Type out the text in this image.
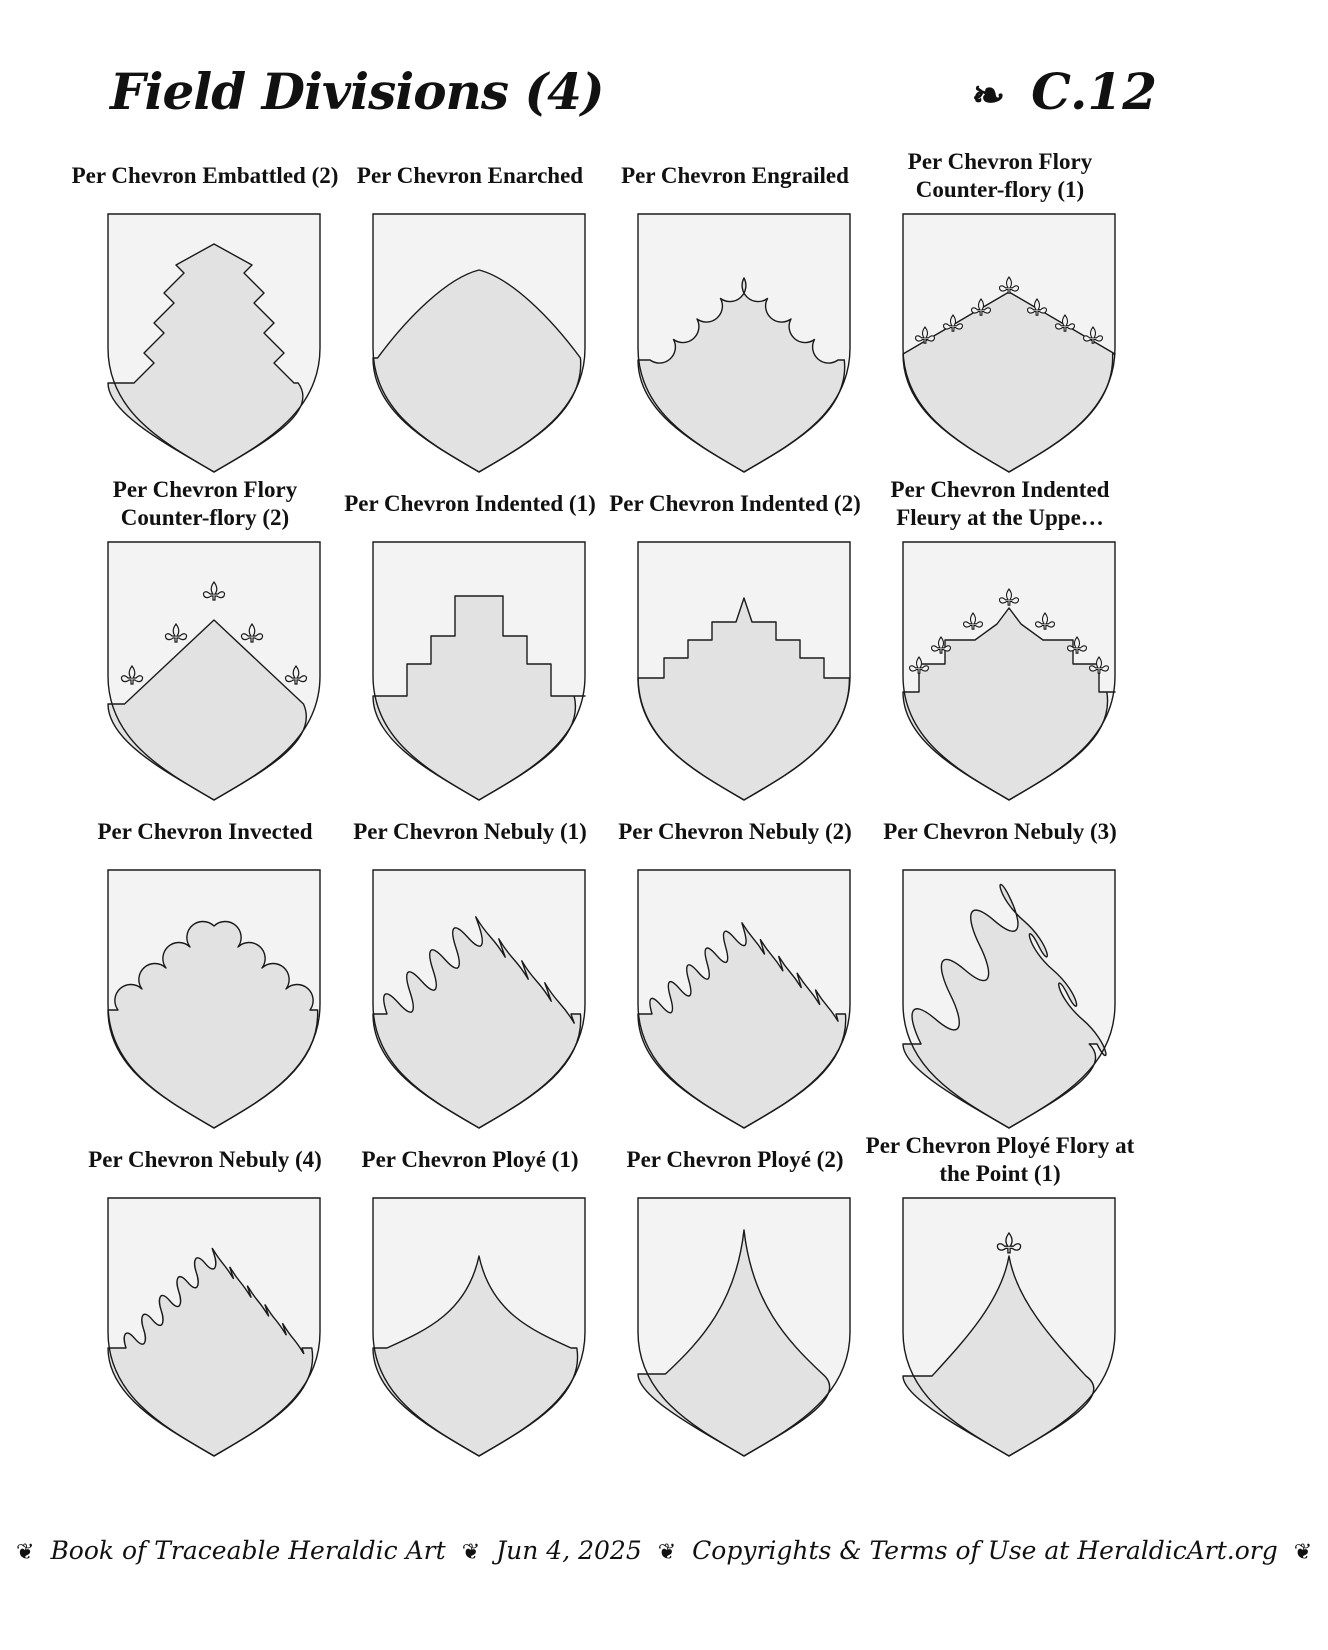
Field Divisions (4)	❧ C.12
Per Chevron Embattled (2) Per Chevron Enarched Per Chevron Engrailed
Per Chevron Flory Counter-flory (1)
Per Chevron Flory Counter-flory (2)
Per Chevron Indented (1) Per Chevron Indented (2)
Per Chevron Indented Fleury at the Uppe…
Per Chevron Invected Per Chevron Nebuly (1) Per Chevron Nebuly (2) Per Chevron Nebuly (3)
Per Chevron Nebuly (4) Per Chevron Ployé (1) Per Chevron Ployé (2)
Per Chevron Ployé Flory at the Point (1)
❦ Book of Traceable Heraldic Art ❦ Jun 4, 2025 ❦ Copyrights & Terms of Use at HeraldicArt.org ❦
